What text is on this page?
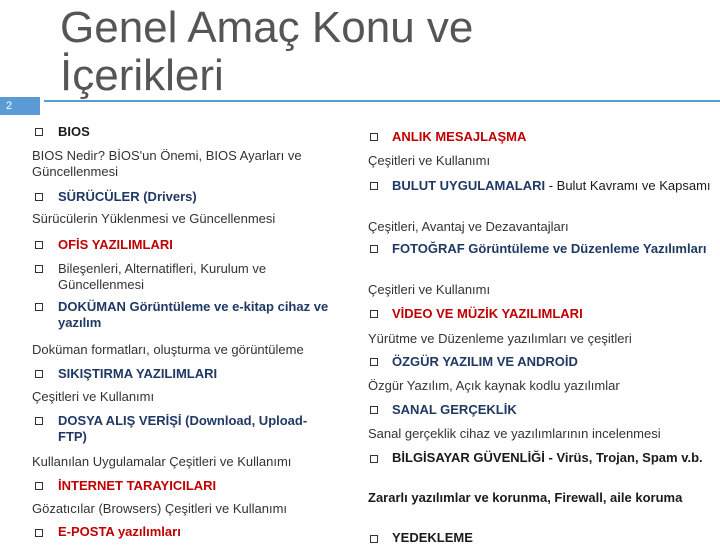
Genel Amaç Konu ve
İçerikleri
2
BIOS
BIOS Nedir? BİOS'un Önemi, BIOS Ayarları ve Güncellenmesi
SÜRÜCÜLER (Drivers)
Sürücülerin Yüklenmesi ve Güncellenmesi
OFİS YAZILIMLARI
Bileşenleri, Alternatifleri, Kurulum ve Güncellenmesi
DOKÜMAN Görüntüleme ve e-kitap cihaz ve yazılım
Doküman formatları, oluşturma ve görüntüleme
SIKIŞTIRMA YAZILIMLARI
Çeşitleri ve Kullanımı
DOSYA ALIŞ VERİŞİ (Download, Upload-FTP)
Kullanılan Uygulamalar Çeşitleri ve Kullanımı
İNTERNET TARAYICILARI
Gözatıcılar (Browsers) Çeşitleri ve Kullanımı
E-POSTA yazılımları
ANLIK MESAJLAŞMA
Çeşitleri ve Kullanımı
BULUT UYGULAMALARI - Bulut Kavramı ve Kapsamı
Çeşitleri, Avantaj ve Dezavantajları
FOTOĞRAF Görüntüleme ve Düzenleme Yazılımları
Çeşitleri ve Kullanımı
VİDEO VE MÜZİK YAZILIMLARI
Yürütme ve Düzenleme yazılımları ve çeşitleri
ÖZGÜR YAZILIM VE ANDROİD
Özgür Yazılım, Açık kaynak kodlu yazılımlar
SANAL GERÇEKLİK
Sanal gerçeklik cihaz ve yazılımlarının incelenmesi
BİLGİSAYAR GÜVENLİĞİ - Virüs, Trojan, Spam v.b.
Zararlı yazılımlar ve korunma, Firewall, aile koruma
YEDEKLEME
